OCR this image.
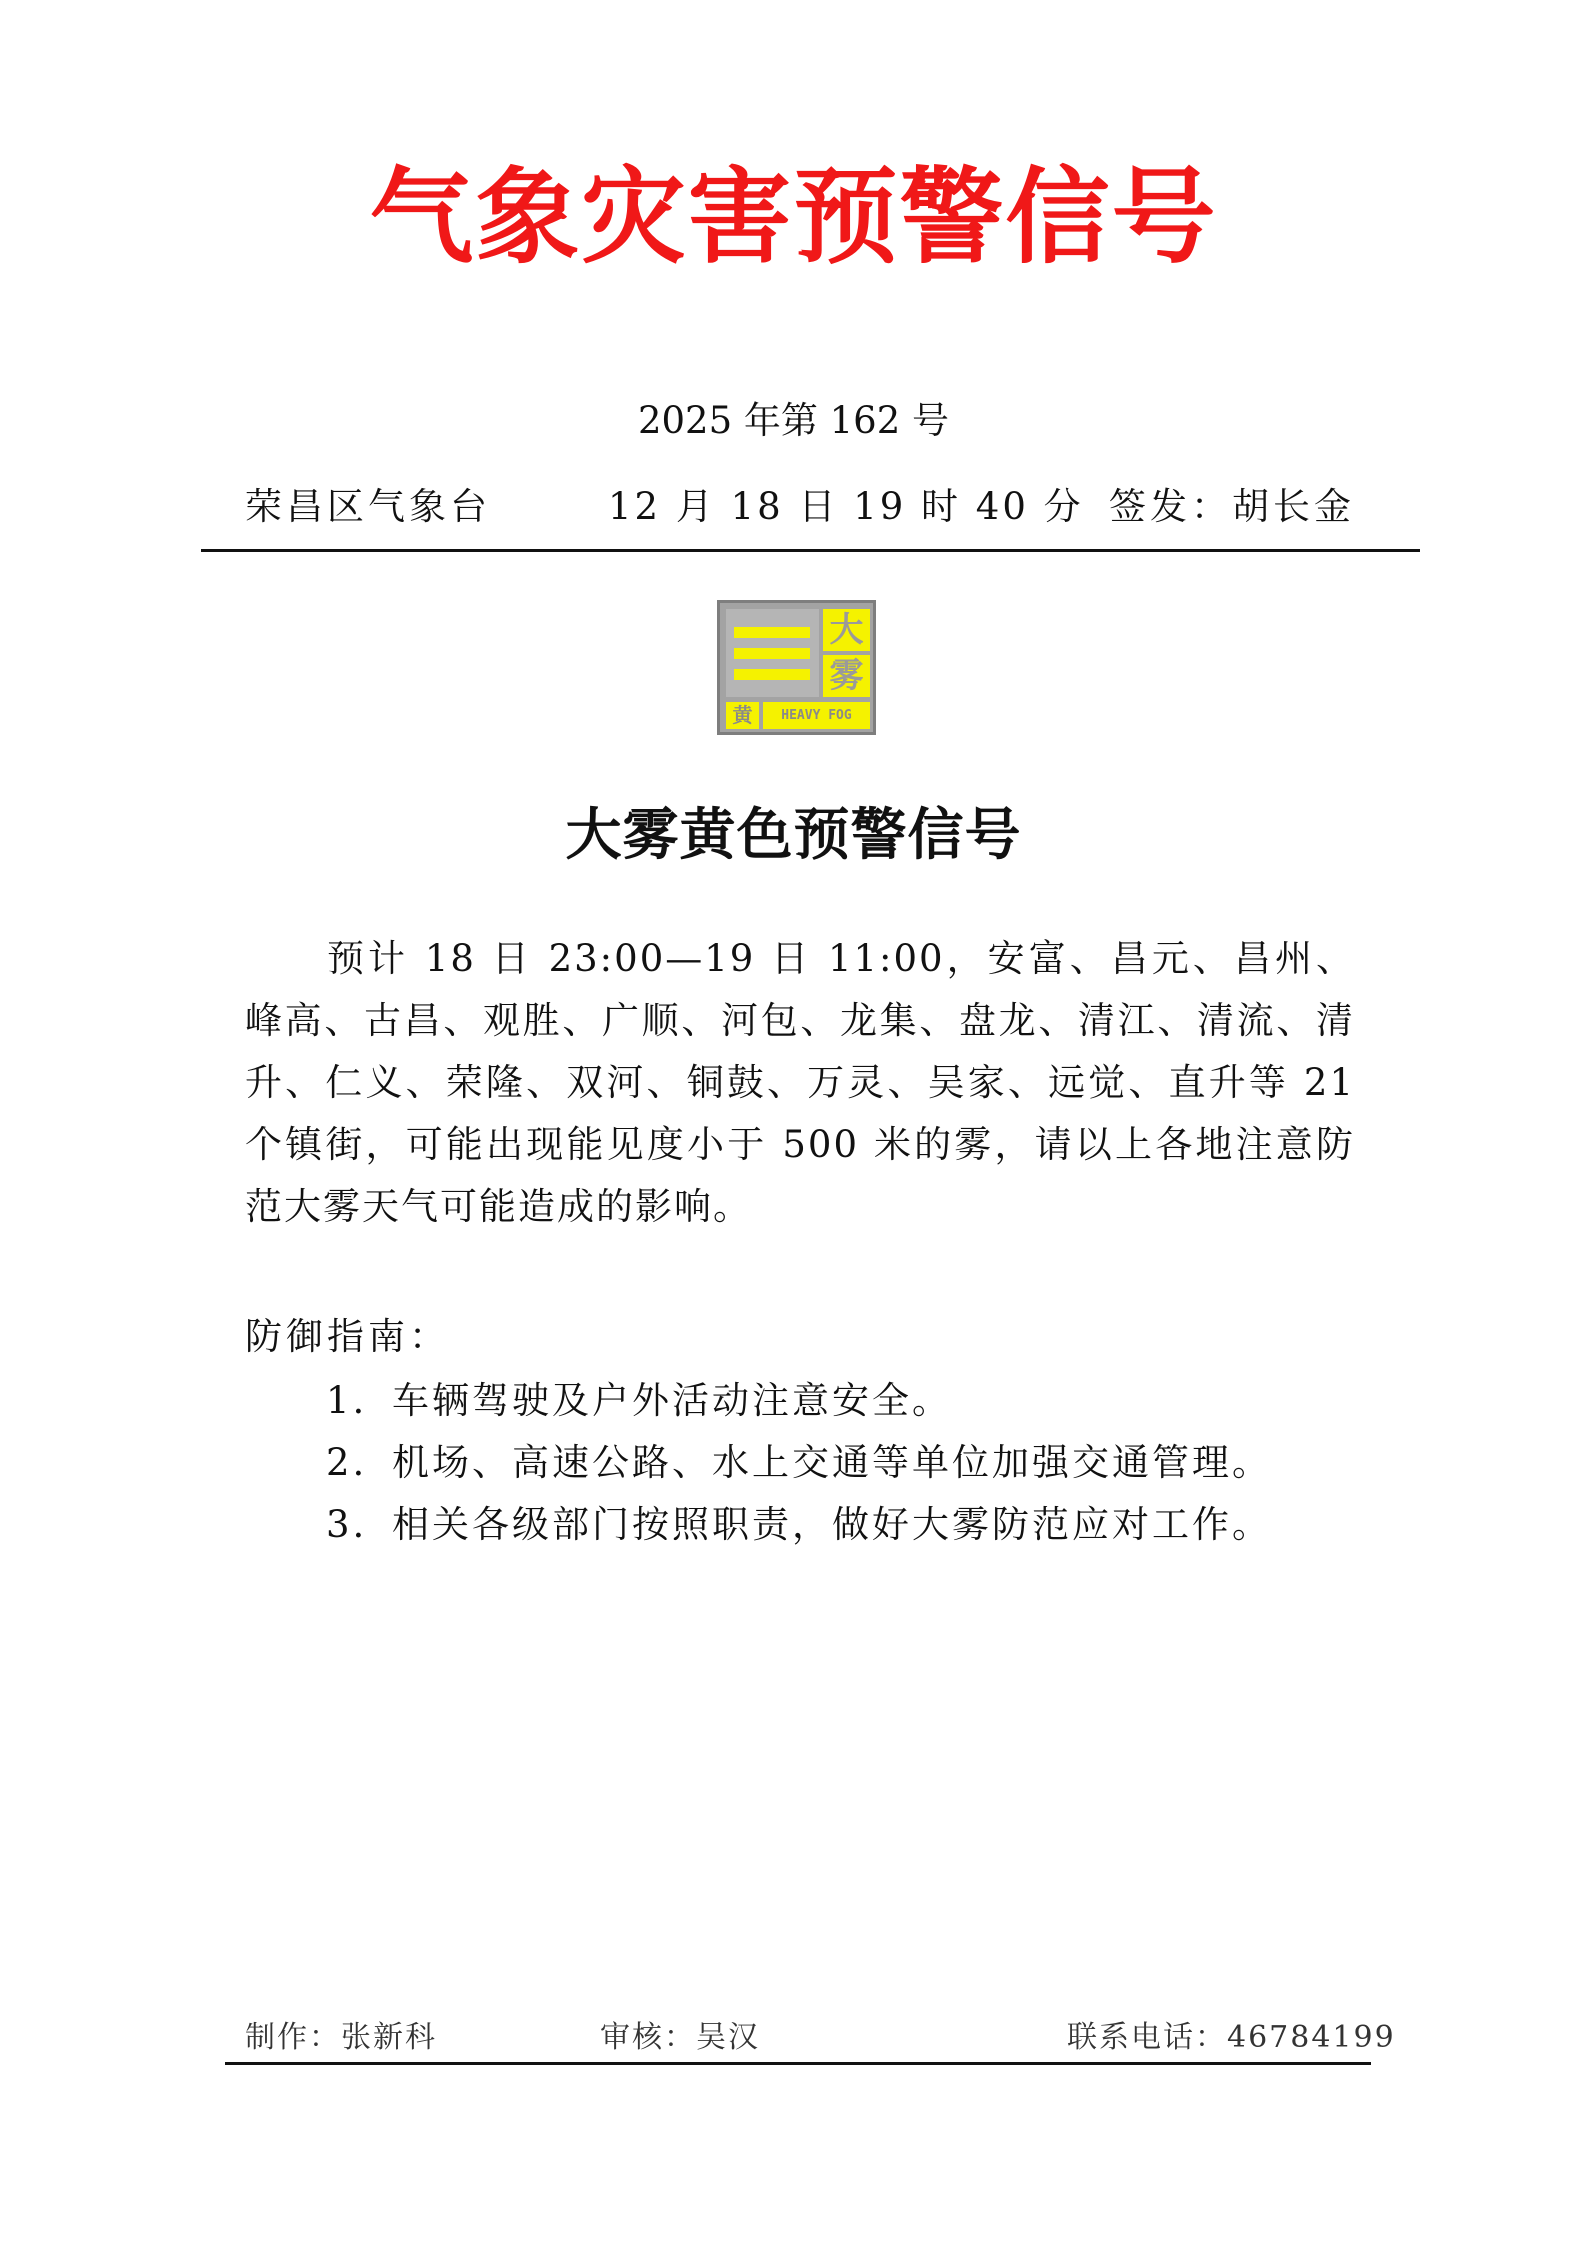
气象灾害预警信号
2025 年第 162 号
荣昌区气象台	12 月 18 日 19 时 40 分 签发：胡长金
大
雾
黄	HEAVY FOG
大雾黄色预警信号

预计 18 日 23:00—19 日 11:00，安富、昌元、昌州、峰高、古昌、观胜、广顺、河包、龙集、盘龙、清江、清流、清升、仁义、荣隆、双河、铜鼓、万灵、吴家、远觉、直升等 21 个镇街，可能出现能见度小于 500 米的雾，请以上各地注意防范大雾天气可能造成的影响。

防御指南：
1. 车辆驾驶及户外活动注意安全。
2. 机场、高速公路、水上交通等单位加强交通管理。
3. 相关各级部门按照职责，做好大雾防范应对工作。
制作：张新科	审核：吴汉	联系电话：46784199
